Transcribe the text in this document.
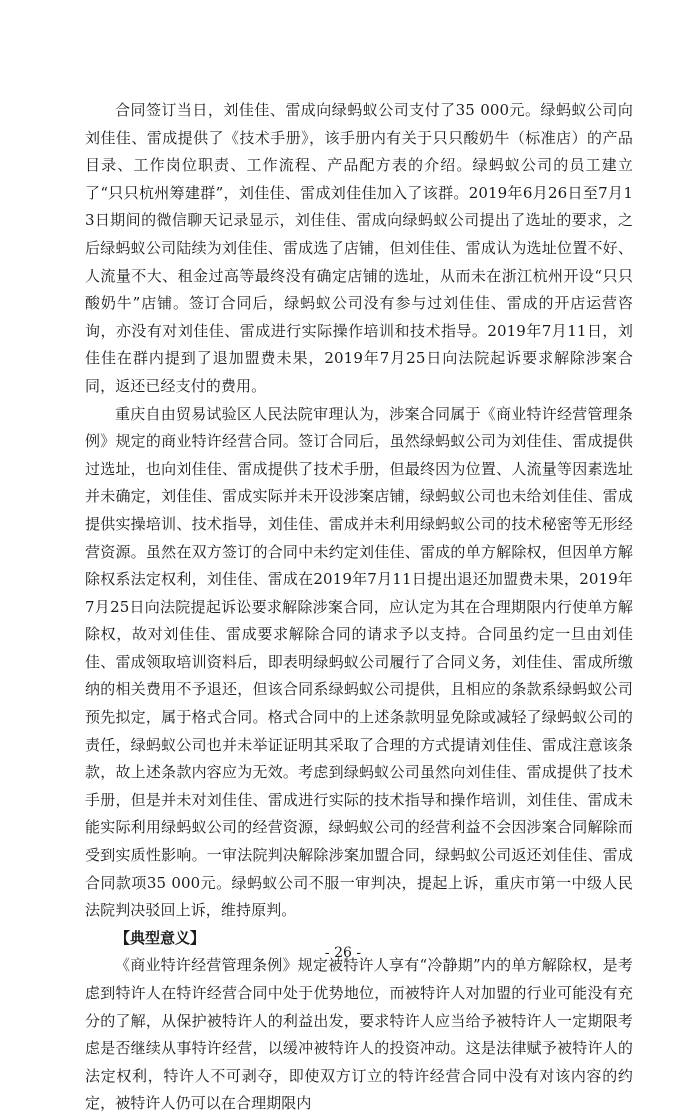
合同签订当日，刘佳佳、雷成向绿蚂蚁公司支付了35 000元。绿蚂蚁公司向刘佳佳、雷成提供了《技术手册》，该手册内有关于只只酸奶牛（标准店）的产品目录、工作岗位职责、工作流程、产品配方表的介绍。绿蚂蚁公司的员工建立了“只只杭州筹建群”，刘佳佳、雷成刘佳佳加入了该群。2019年6月26日至7月13日期间的微信聊天记录显示，刘佳佳、雷成向绿蚂蚁公司提出了选址的要求，之后绿蚂蚁公司陆续为刘佳佳、雷成选了店铺，但刘佳佳、雷成认为选址位置不好、人流量不大、租金过高等最终没有确定店铺的选址，从而未在浙江杭州开设“只只酸奶牛”店铺。签订合同后，绿蚂蚁公司没有参与过刘佳佳、雷成的开店运营咨询，亦没有对刘佳佳、雷成进行实际操作培训和技术指导。2019年7月11日，刘佳佳在群内提到了退加盟费未果，2019年7月25日向法院起诉要求解除涉案合同，返还已经支付的费用。

重庆自由贸易试验区人民法院审理认为，涉案合同属于《商业特许经营管理条例》规定的商业特许经营合同。签订合同后，虽然绿蚂蚁公司为刘佳佳、雷成提供过选址，也向刘佳佳、雷成提供了技术手册，但最终因为位置、人流量等因素选址并未确定，刘佳佳、雷成实际并未开设涉案店铺，绿蚂蚁公司也未给刘佳佳、雷成提供实操培训、技术指导，刘佳佳、雷成并未利用绿蚂蚁公司的技术秘密等无形经营资源。虽然在双方签订的合同中未约定刘佳佳、雷成的单方解除权，但因单方解除权系法定权利，刘佳佳、雷成在2019年7月11日提出退还加盟费未果，2019年7月25日向法院提起诉讼要求解除涉案合同，应认定为其在合理期限内行使单方解除权，故对刘佳佳、雷成要求解除合同的请求予以支持。合同虽约定一旦由刘佳佳、雷成领取培训资料后，即表明绿蚂蚁公司履行了合同义务，刘佳佳、雷成所缴纳的相关费用不予退还，但该合同系绿蚂蚁公司提供，且相应的条款系绿蚂蚁公司预先拟定，属于格式合同。格式合同中的上述条款明显免除或减轻了绿蚂蚁公司的责任，绿蚂蚁公司也并未举证证明其采取了合理的方式提请刘佳佳、雷成注意该条款，故上述条款内容应为无效。考虑到绿蚂蚁公司虽然向刘佳佳、雷成提供了技术手册，但是并未对刘佳佳、雷成进行实际的技术指导和操作培训，刘佳佳、雷成未能实际利用绿蚂蚁公司的经营资源，绿蚂蚁公司的经营利益不会因涉案合同解除而受到实质性影响。一审法院判决解除涉案加盟合同，绿蚂蚁公司返还刘佳佳、雷成合同款项35 000元。绿蚂蚁公司不服一审判决，提起上诉，重庆市第一中级人民法院判决驳回上诉，维持原判。

【典型意义】

《商业特许经营管理条例》规定被特许人享有“冷静期”内的单方解除权，是考虑到特许人在特许经营合同中处于优势地位，而被特许人对加盟的行业可能没有充分的了解，从保护被特许人的利益出发，要求特许人应当给予被特许人一定期限考虑是否继续从事特许经营，以缓冲被特许人的投资冲动。这是法律赋予被特许人的法定权利，特许人不可剥夺，即使双方订立的特许经营合同中没有对该内容的约定，被特许人仍可以在合理期限内

- 26 -
